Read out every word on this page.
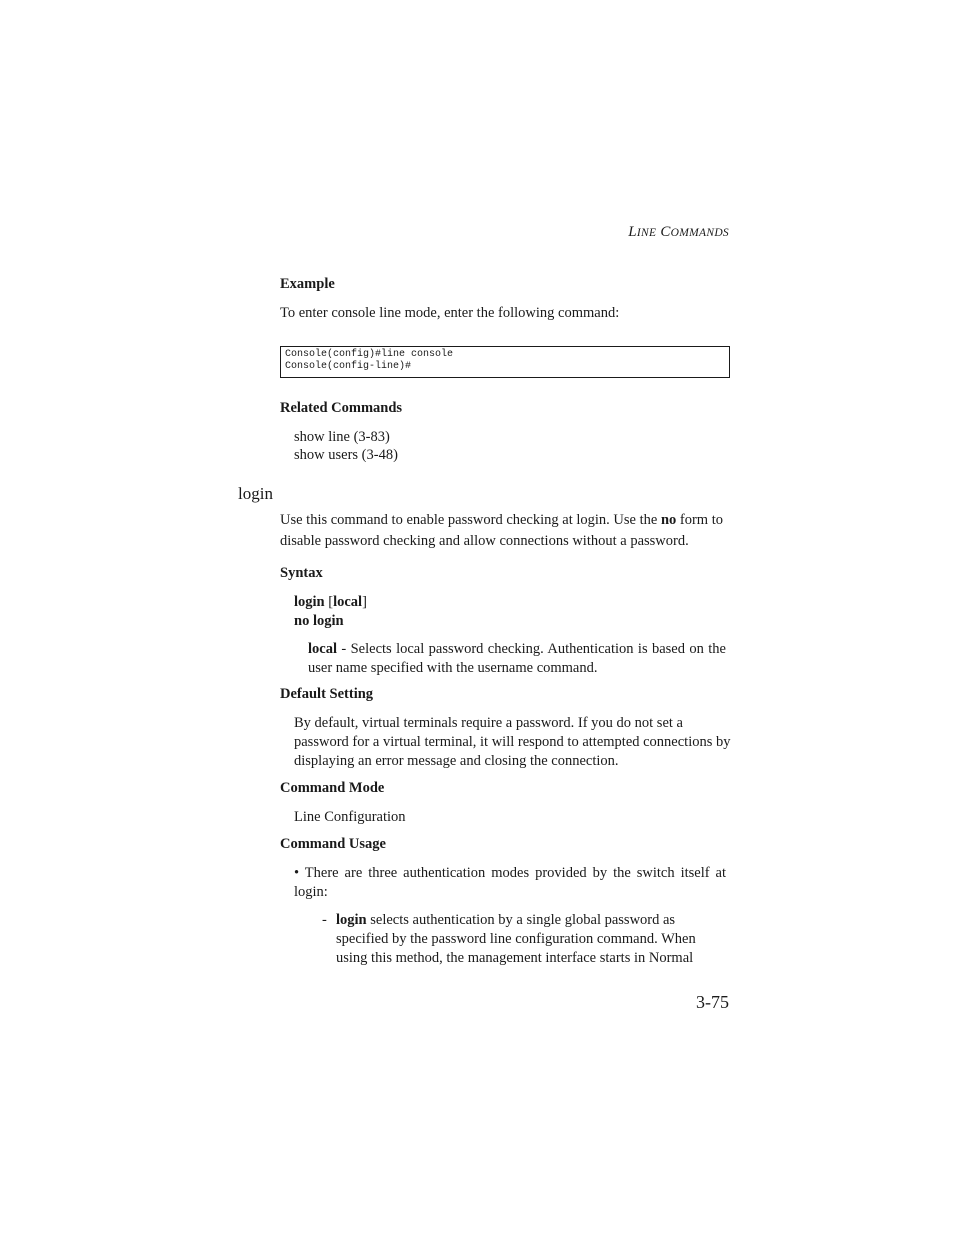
LINE COMMANDS
Example
To enter console line mode, enter the following command:
Console(config)#line console
Console(config-line)#
Related Commands
show line (3-83)
show users (3-48)
login
Use this command to enable password checking at login. Use the no form to disable password checking and allow connections without a password.
Syntax
login [local]
no login
local - Selects local password checking. Authentication is based on the user name specified with the username command.
Default Setting
By default, virtual terminals require a password. If you do not set a password for a virtual terminal, it will respond to attempted connections by displaying an error message and closing the connection.
Command Mode
Line Configuration
Command Usage
• There are three authentication modes provided by the switch itself at login:
- login selects authentication by a single global password as specified by the password line configuration command. When using this method, the management interface starts in Normal
3-75
